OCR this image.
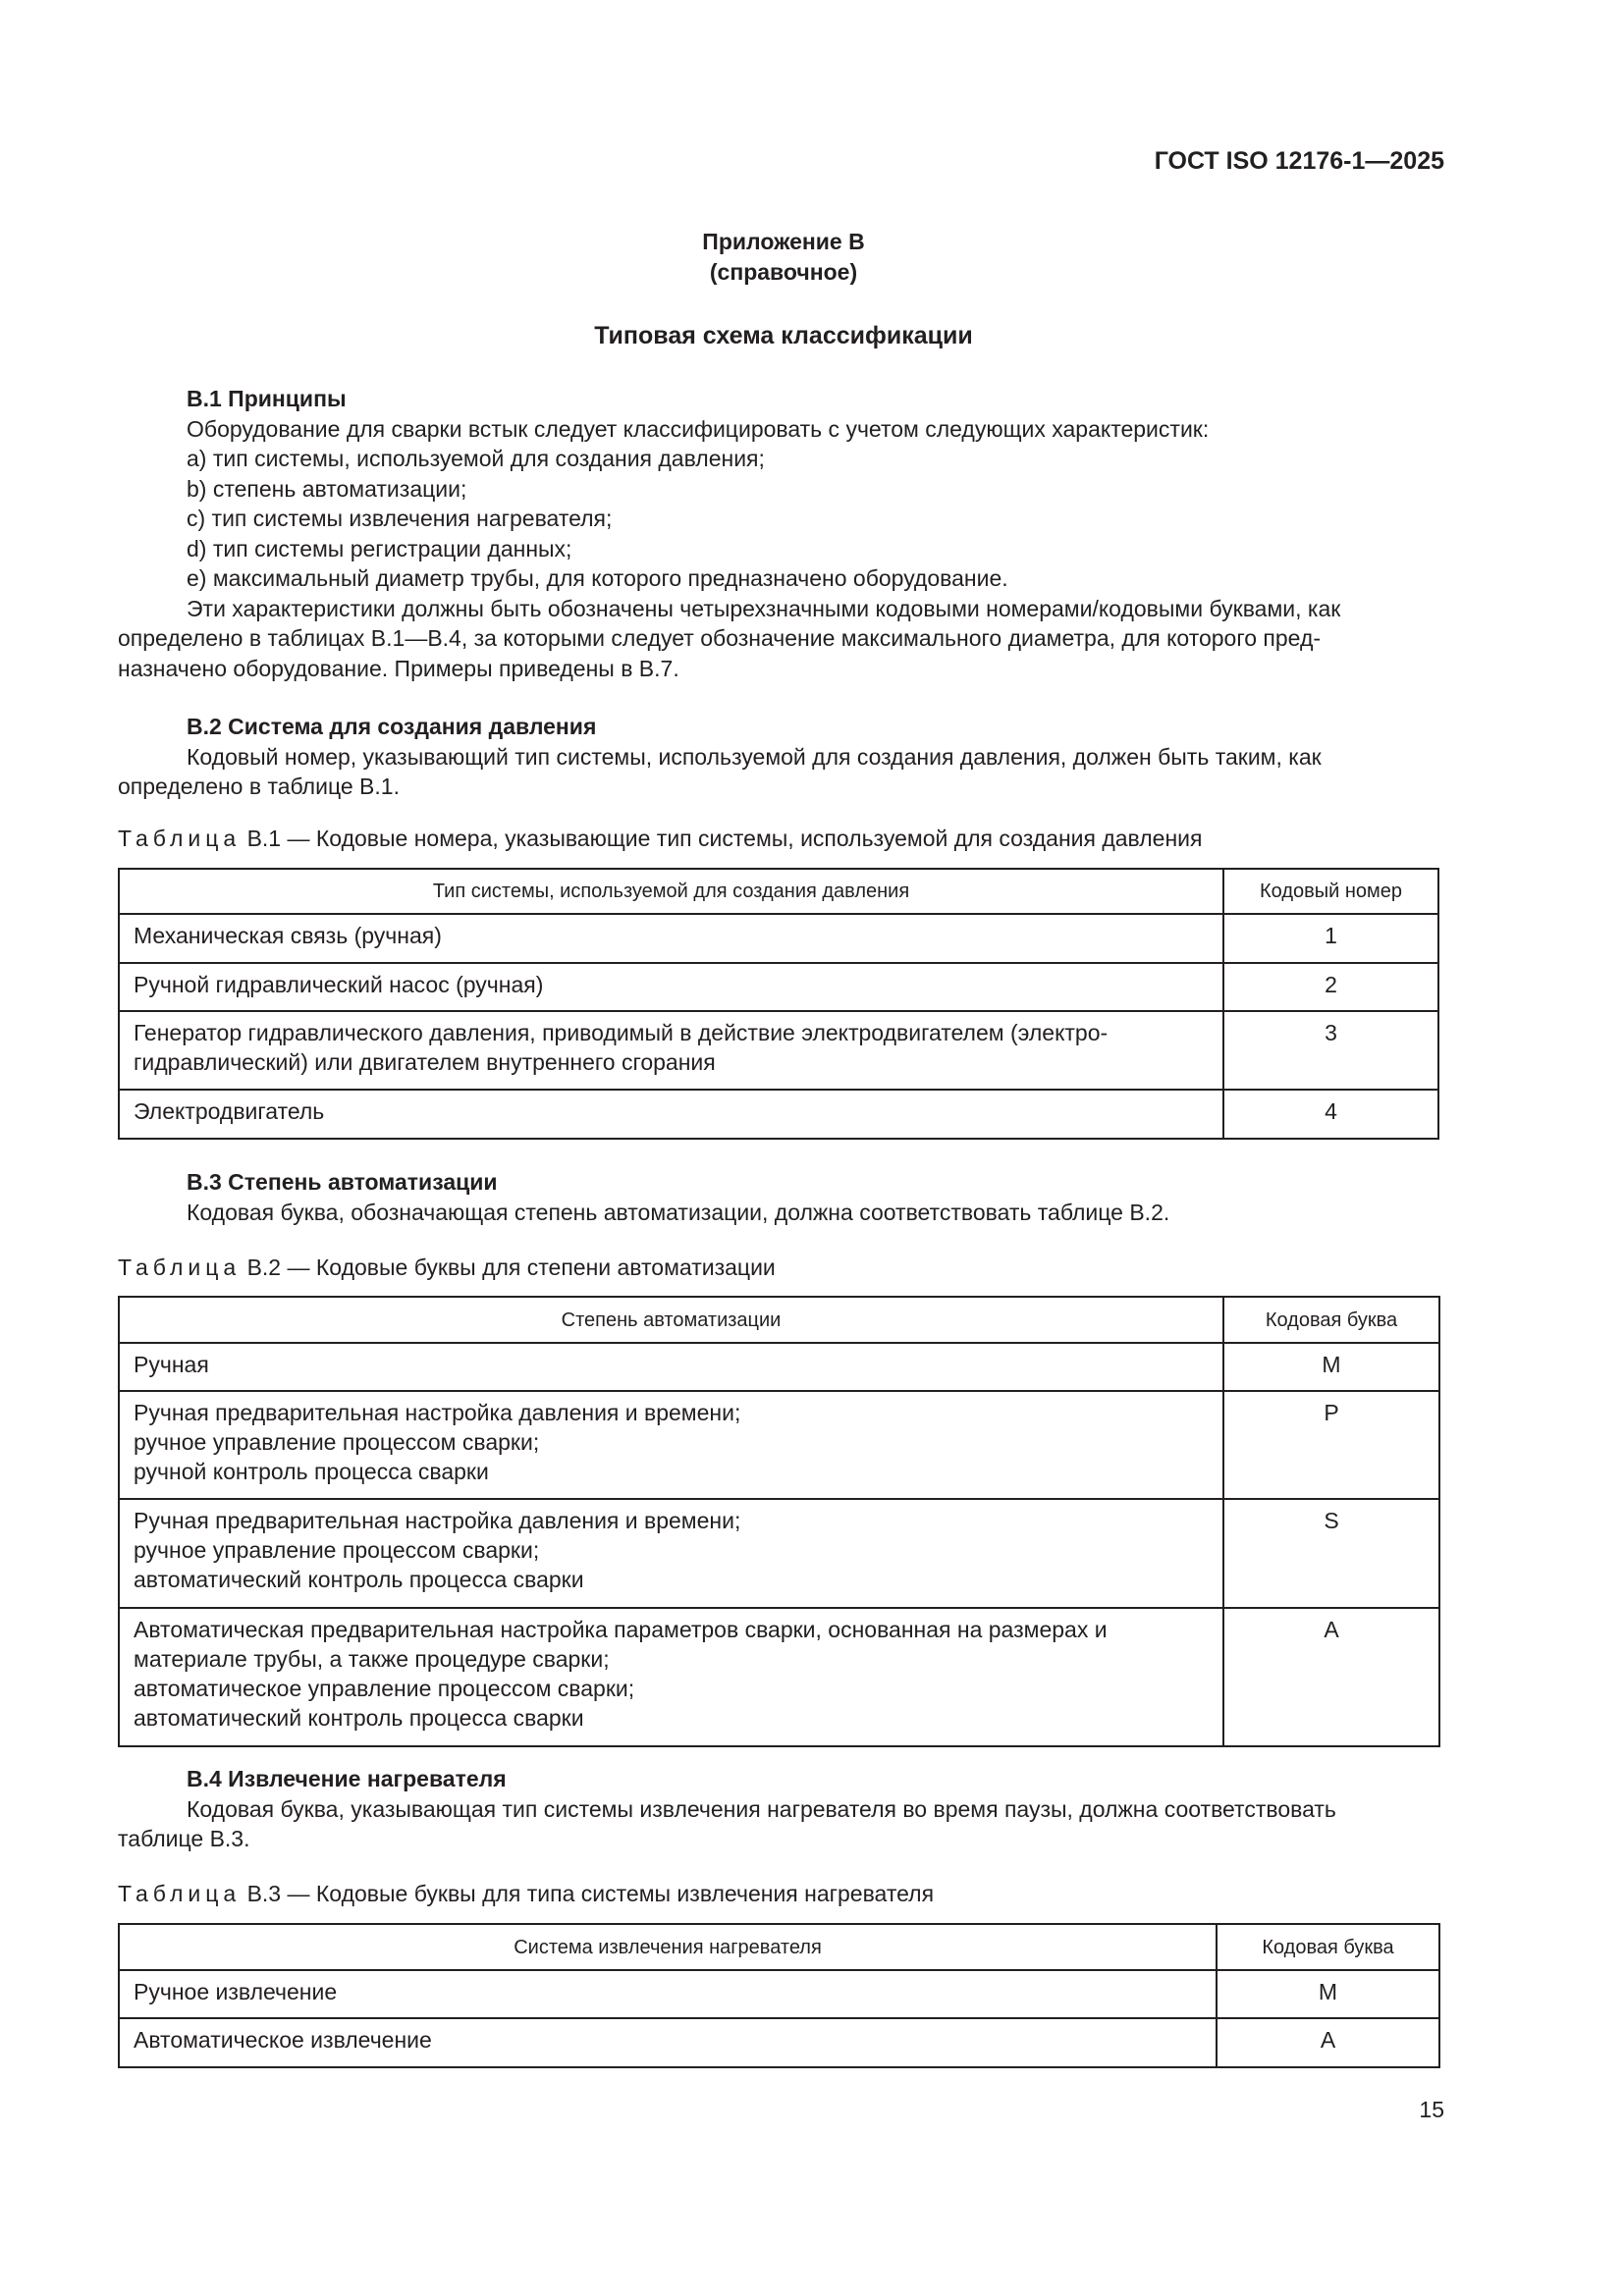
ГОСТ ISO 12176-1—2025
Приложение В
(справочное)
Типовая схема классификации
В.1 Принципы
Оборудование для сварки встык следует классифицировать с учетом следующих характеристик:
a) тип системы, используемой для создания давления;
b) степень автоматизации;
c) тип системы извлечения нагревателя;
d) тип системы регистрации данных;
e) максимальный диаметр трубы, для которого предназначено оборудование.
Эти характеристики должны быть обозначены четырехзначными кодовыми номерами/кодовыми буквами, как
определено в таблицах В.1—В.4, за которыми следует обозначение максимального диаметра, для которого пред-
назначено оборудование. Примеры приведены в В.7.
В.2 Система для создания давления
Кодовый номер, указывающий тип системы, используемой для создания давления, должен быть таким, как
определено в таблице В.1.
Таблица В.1 — Кодовые номера, указывающие тип системы, используемой для создания давления
Тип системы, используемой для создания давления	Кодовый номер
Механическая связь (ручная)	1
Ручной гидравлический насос (ручная)	2
Генератор гидравлического давления, приводимый в действие электродвигателем (электро-
гидравлический) или двигателем внутреннего сгорания	3
Электродвигатель	4
В.3 Степень автоматизации
Кодовая буква, обозначающая степень автоматизации, должна соответствовать таблице В.2.
Таблица В.2 — Кодовые буквы для степени автоматизации
Степень автоматизации	Кодовая буква
Ручная	M
Ручная предварительная настройка давления и времени;
ручное управление процессом сварки;
ручной контроль процесса сварки	P
Ручная предварительная настройка давления и времени;
ручное управление процессом сварки;
автоматический контроль процесса сварки	S
Автоматическая предварительная настройка параметров сварки, основанная на размерах и
материале трубы, а также процедуре сварки;
автоматическое управление процессом сварки;
автоматический контроль процесса сварки	A
В.4 Извлечение нагревателя
Кодовая буква, указывающая тип системы извлечения нагревателя во время паузы, должна соответствовать
таблице В.3.
Таблица В.3 — Кодовые буквы для типа системы извлечения нагревателя
Система извлечения нагревателя	Кодовая буква
Ручное извлечение	M
Автоматическое извлечение	A
15
